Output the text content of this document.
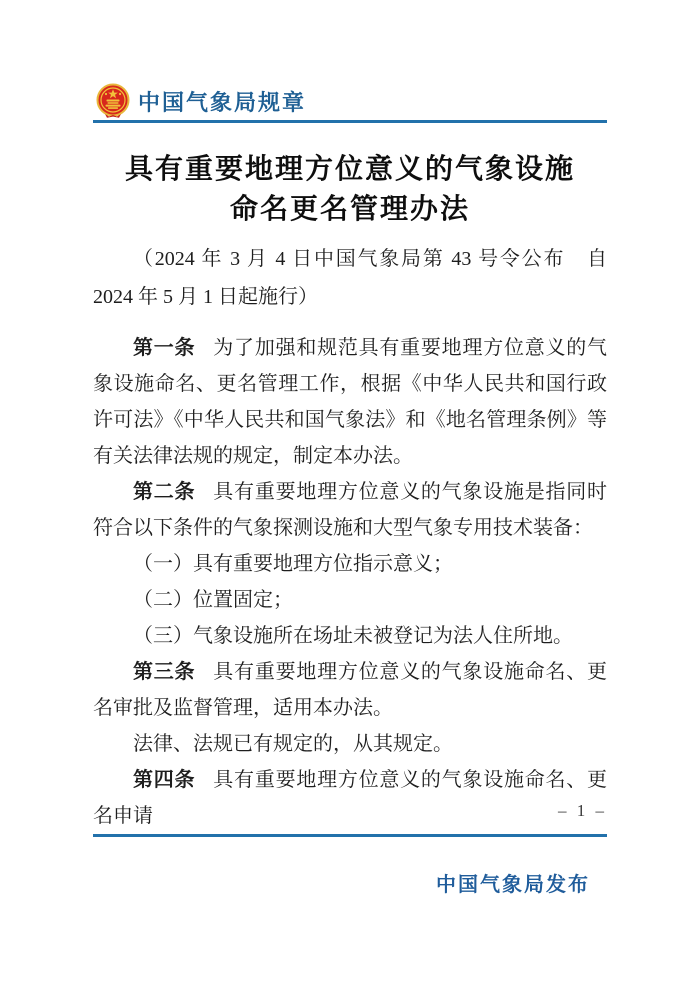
中国气象局规章
具有重要地理方位意义的气象设施
命名更名管理办法

（2024 年 3 月 4 日中国气象局第 43 号令公布　自 2024 年 5 月 1 日起施行）

第一条 为了加强和规范具有重要地理方位意义的气象设施命名、更名管理工作，根据《中华人民共和国行政许可法》《中华人民共和国气象法》和《地名管理条例》等有关法律法规的规定，制定本办法。

第二条 具有重要地理方位意义的气象设施是指同时符合以下条件的气象探测设施和大型气象专用技术装备：

（一）具有重要地理方位指示意义；

（二）位置固定；

（三）气象设施所在场址未被登记为法人住所地。

第三条 具有重要地理方位意义的气象设施命名、更名审批及监督管理，适用本办法。

法律、法规已有规定的，从其规定。

第四条 具有重要地理方位意义的气象设施命名、更名申请	– 1 –
中国气象局发布
